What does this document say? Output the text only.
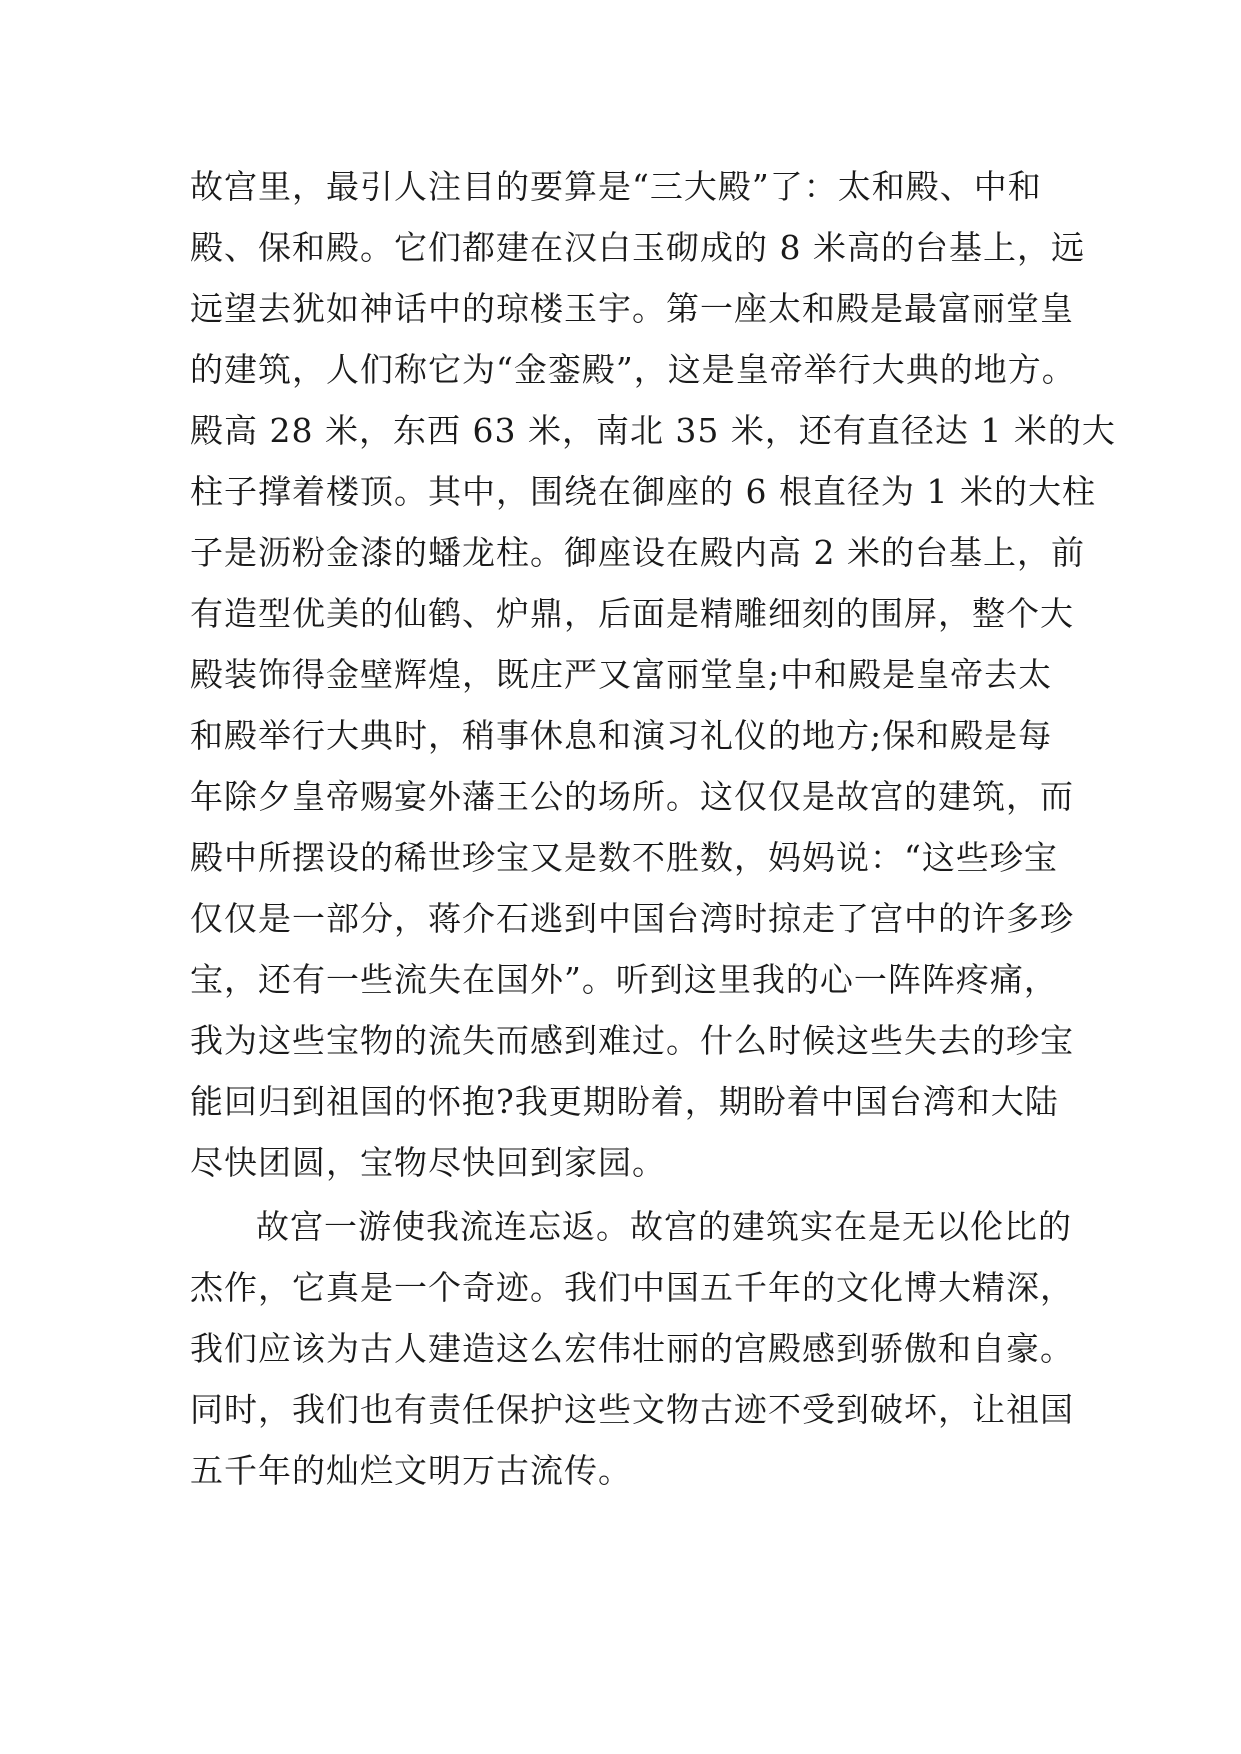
故宫里，最引人注目的要算是“三大殿”了：太和殿、中和
殿、保和殿。它们都建在汉白玉砌成的 8 米高的台基上，远
远望去犹如神话中的琼楼玉宇。第一座太和殿是最富丽堂皇
的建筑，人们称它为“金銮殿”，这是皇帝举行大典的地方。
殿高 28 米，东西 63 米，南北 35 米，还有直径达 1 米的大
柱子撑着楼顶。其中，围绕在御座的 6 根直径为 1 米的大柱
子是沥粉金漆的蟠龙柱。御座设在殿内高 2 米的台基上，前
有造型优美的仙鹤、炉鼎，后面是精雕细刻的围屏，整个大
殿装饰得金壁辉煌，既庄严又富丽堂皇;中和殿是皇帝去太
和殿举行大典时，稍事休息和演习礼仪的地方;保和殿是每
年除夕皇帝赐宴外藩王公的场所。这仅仅是故宫的建筑，而
殿中所摆设的稀世珍宝又是数不胜数，妈妈说：“这些珍宝
仅仅是一部分，蒋介石逃到中国台湾时掠走了宫中的许多珍
宝，还有一些流失在国外”。听到这里我的心一阵阵疼痛，
我为这些宝物的流失而感到难过。什么时候这些失去的珍宝
能回归到祖国的怀抱?我更期盼着，期盼着中国台湾和大陆
尽快团圆，宝物尽快回到家园。
故宫一游使我流连忘返。故宫的建筑实在是无以伦比的
杰作，它真是一个奇迹。我们中国五千年的文化博大精深，
我们应该为古人建造这么宏伟壮丽的宫殿感到骄傲和自豪。
同时，我们也有责任保护这些文物古迹不受到破坏，让祖国
五千年的灿烂文明万古流传。
